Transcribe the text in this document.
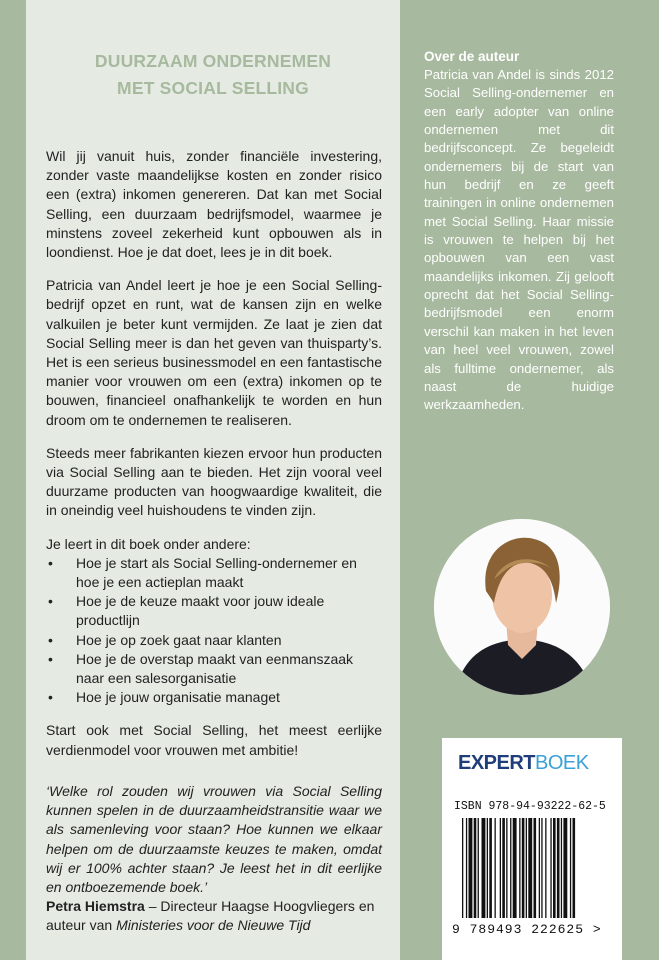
DUURZAAM ONDERNEMEN
MET SOCIAL SELLING

Wil jij vanuit huis, zonder financiële investering, zonder vaste maandelijkse kosten en zonder risico een (extra) inkomen genereren. Dat kan met Social Selling, een duurzaam bedrijfsmodel, waarmee je minstens zoveel zekerheid kunt opbouwen als in loondienst. Hoe je dat doet, lees je in dit boek.

Patricia van Andel leert je hoe je een Social Selling-bedrijf opzet en runt, wat de kansen zijn en welke valkuilen je beter kunt vermijden. Ze laat je zien dat Social Selling meer is dan het geven van thuisparty’s. Het is een serieus businessmodel en een fantastische manier voor vrouwen om een (extra) inkomen op te bouwen, financieel onafhankelijk te worden en hun droom om te ondernemen te realiseren.

Steeds meer fabrikanten kiezen ervoor hun producten via Social Selling aan te bieden. Het zijn vooral veel duurzame producten van hoogwaardige kwaliteit, die in oneindig veel huishoudens te vinden zijn.

Je leert in dit boek onder andere:

• Hoe je start als Social Selling-ondernemer en hoe je een actieplan maakt
• Hoe je de keuze maakt voor jouw ideale productlijn
• Hoe je op zoek gaat naar klanten
• Hoe je de overstap maakt van eenmanszaak naar een salesorganisatie
• Hoe je jouw organisatie managet

Start ook met Social Selling, het meest eerlijke verdienmodel voor vrouwen met ambitie!

‘Welke rol zouden wij vrouwen via Social Selling kunnen spelen in de duurzaamheidstransitie waar we als samenleving voor staan? Hoe kunnen we elkaar helpen om de duurzaamste keuzes te maken, omdat wij er 100% achter staan? Je leest het in dit eerlijke en ontboezemende boek.’

Petra Hiemstra – Directeur Haagse Hoogvliegers en auteur van Ministeries voor de Nieuwe Tijd

Over de auteur

Patricia van Andel is sinds 2012 Social Selling-ondernemer en een early adopter van online ondernemen met dit bedrijfsconcept. Ze begeleidt ondernemers bij de start van hun bedrijf en ze geeft trainingen in online ondernemen met Social Selling. Haar missie is vrouwen te helpen bij het opbouwen van een vast maandelijks inkomen. Zij gelooft oprecht dat het Social Selling-bedrijfsmodel een enorm verschil kan maken in het leven van heel veel vrouwen, zowel als fulltime ondernemer, als naast de huidige werkzaamheden.

EXPERTBOEK
ISBN 978-94-93222-62-5
9 789493 222625 >
